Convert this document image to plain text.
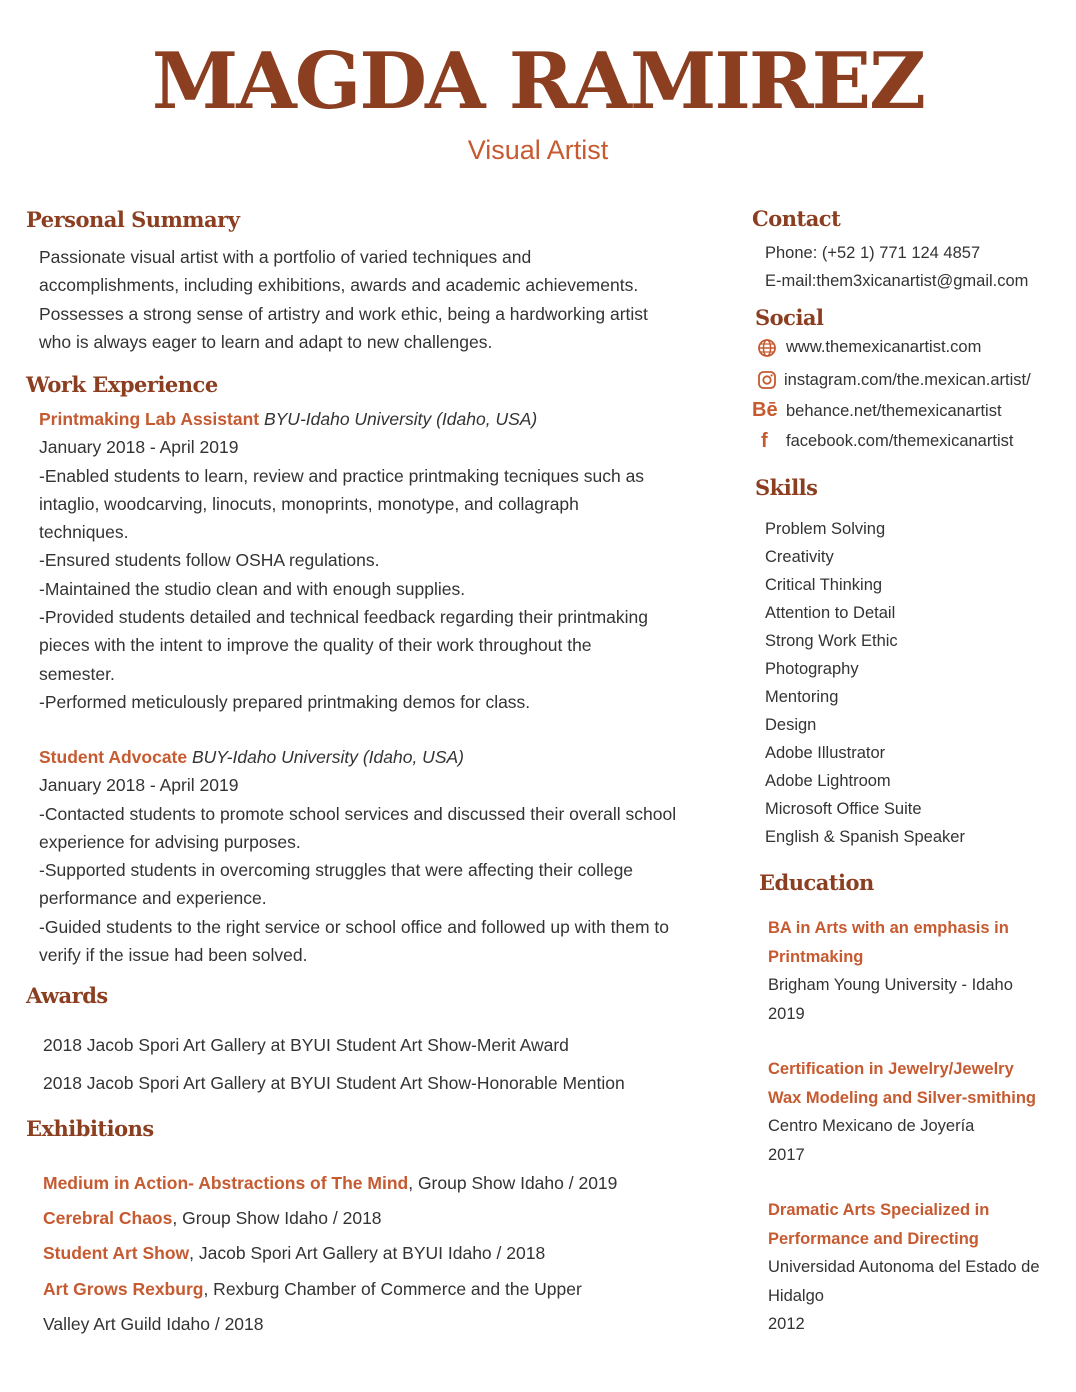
MAGDA RAMIREZ
Visual Artist
Personal Summary
Passionate visual artist with a portfolio of varied techniques and
accomplishments, including exhibitions, awards and academic achievements.
Possesses a strong sense of artistry and work ethic, being a hardworking artist
who is always eager to learn and adapt to new challenges.
Work Experience
Printmaking Lab Assistant BYU-Idaho University (Idaho, USA)
January 2018 - April 2019
-Enabled students to learn, review and practice printmaking tecniques such as
intaglio, woodcarving, linocuts, monoprints, monotype, and collagraph
techniques.
-Ensured students follow OSHA regulations.
-Maintained the studio clean and with enough supplies.
-Provided students detailed and technical feedback regarding their printmaking
pieces with the intent to improve the quality of their work throughout the
semester.
-Performed meticulously prepared printmaking demos for class.
Student Advocate BUY-Idaho University (Idaho, USA)
January 2018 - April 2019
-Contacted students to promote school services and discussed their overall school
experience for advising purposes.
-Supported students in overcoming struggles that were affecting their college
performance and experience.
-Guided students to the right service or school office and followed up with them to
verify if the issue had been solved.
Awards
2018 Jacob Spori Art Gallery at BYUI Student Art Show-Merit Award
2018 Jacob Spori Art Gallery at BYUI Student Art Show-Honorable Mention
Exhibitions
Medium in Action- Abstractions of The Mind, Group Show Idaho / 2019
Cerebral Chaos, Group Show Idaho / 2018
Student Art Show, Jacob Spori Art Gallery at BYUI Idaho / 2018
Art Grows Rexburg, Rexburg Chamber of Commerce and the Upper
Valley Art Guild Idaho / 2018
Contact
Phone: (+52 1) 771 124 4857
E-mail:them3xicanartist@gmail.com
Social
www.themexicanartist.com
instagram.com/the.mexican.artist/
Bē behance.net/themexicanartist
f facebook.com/themexicanartist
Skills
Problem Solving
Creativity
Critical Thinking
Attention to Detail
Strong Work Ethic
Photography
Mentoring
Design
Adobe Illustrator
Adobe Lightroom
Microsoft Office Suite
English & Spanish Speaker
Education
BA in Arts with an emphasis in
Printmaking
Brigham Young University - Idaho
2019
Certification in Jewelry/Jewelry
Wax Modeling and Silver-smithing
Centro Mexicano de Joyería
2017
Dramatic Arts Specialized in
Performance and Directing
Universidad Autonoma del Estado de
Hidalgo
2012
